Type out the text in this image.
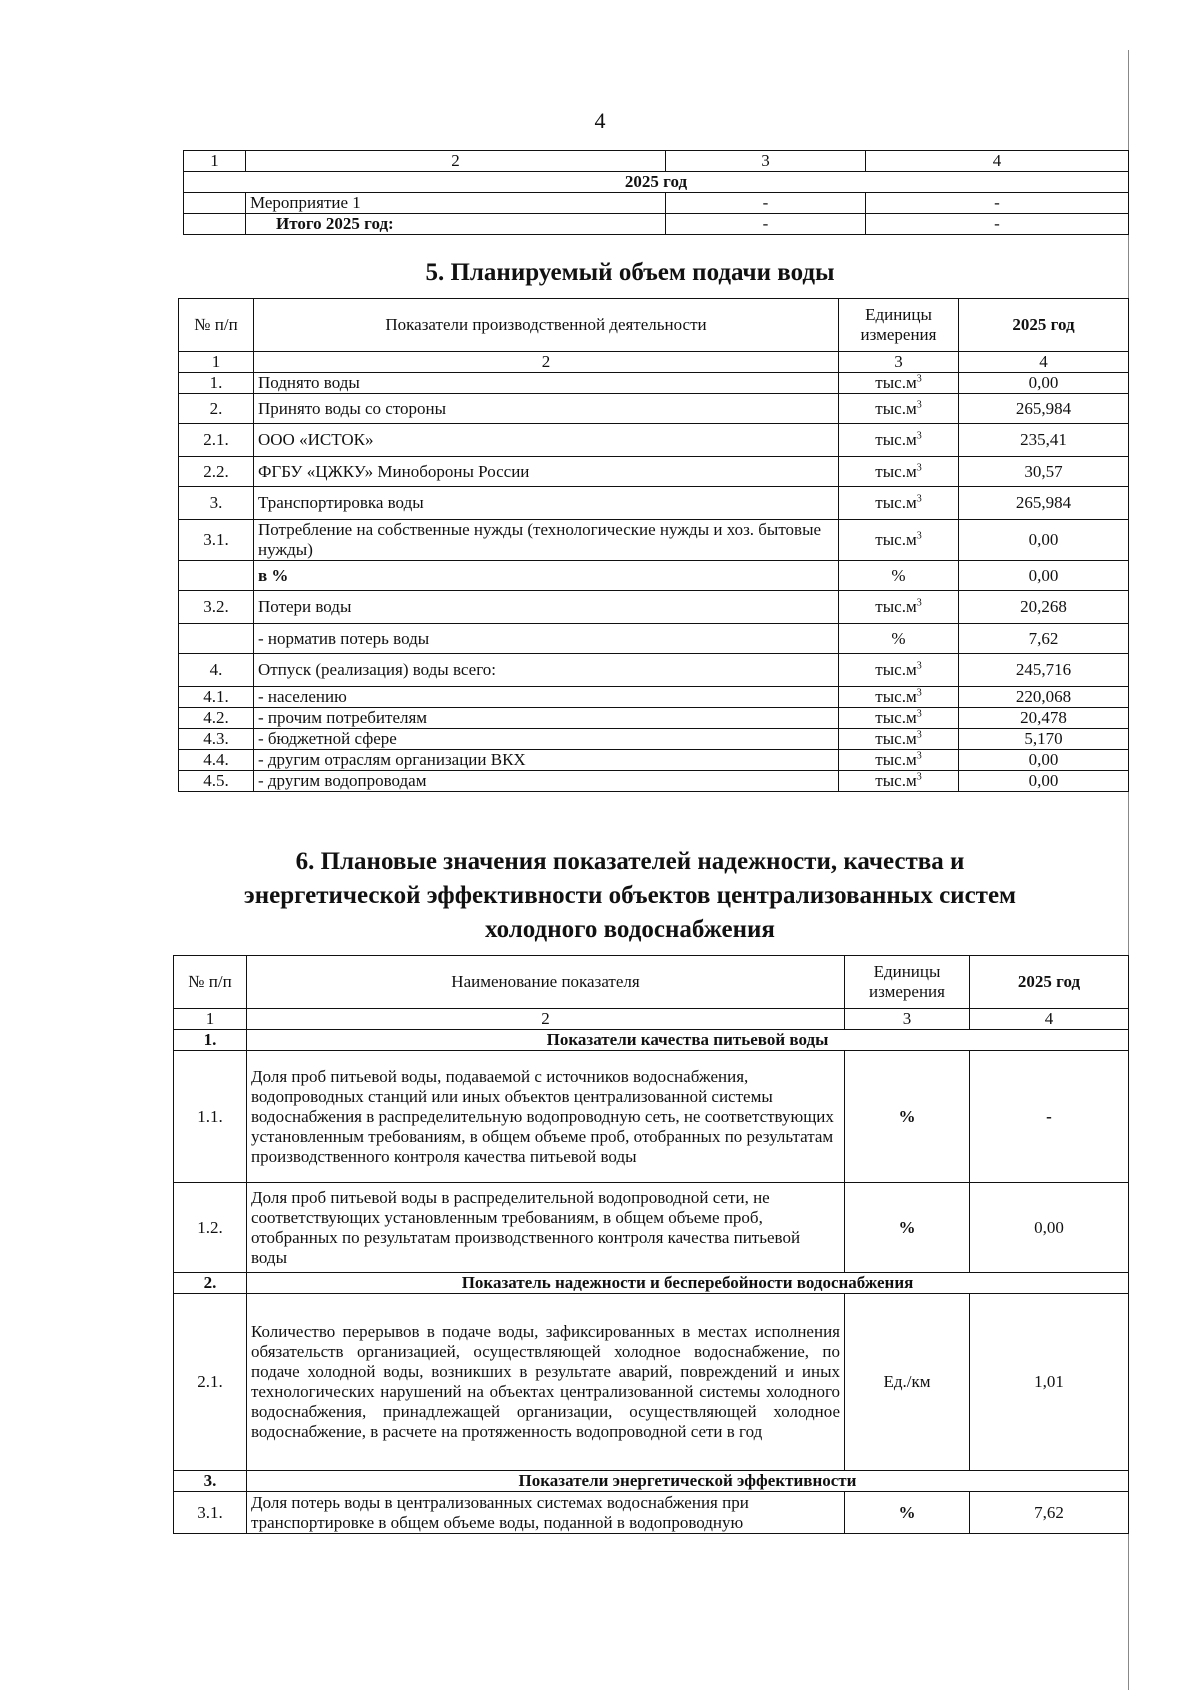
4
1	2	3	4
2025 год			
	Мероприятие 1	-	-
	Итого 2025 год:	-	-
5. Планируемый объем подачи воды
№ п/п	Показатели производственной деятельности	Единицы измерения	2025 год
1	2	3	4
1.	Поднято воды	$тыс.м^3$	0,00
2.	Принято воды со стороны	$тыс.м^3$	265,984
2.1.	ООО «ИСТОК»	$тыс.м^3$	235,41
2.2.	ФГБУ «ЦЖКУ» Минобороны России	$тыс.м^3$	30,57
3.	Транспортировка воды	$тыс.м^3$	265,984
3.1.	Потребление на собственные нужды (технологические нужды и хоз. бытовые нужды)	$тыс.м^3$	0,00
	в %	%	0,00
3.2.	Потери воды	$тыс.м^3$	20,268
	- норматив потерь воды	%	7,62
4.	Отпуск (реализация) воды всего:	$тыс.м^3$	245,716
4.1.	- населению	$тыс.м^3$	220,068
4.2.	- прочим потребителям	$тыс.м^3$	20,478
4.3.	- бюджетной сфере	$тыс.м^3$	5,170
4.4.	- другим отраслям организации ВКХ	$тыс.м^3$	0,00
4.5.	- другим водопроводам	$тыс.м^3$	0,00
6. Плановые значения показателей надежности, качества и
энергетической эффективности объектов централизованных систем
холодного водоснабжения
№ п/п	Наименование показателя	Единицы измерения	2025 год
1	2	3	4
1.	Показатели качества питьевой воды		
1.1.	Доля проб питьевой воды, подаваемой с источников водоснабжения, водопроводных станций или иных объектов централизованной системы водоснабжения в распределительную водопроводную сеть, не соответствующих установленным требованиям, в общем объеме проб, отобранных по результатам производственного контроля качества питьевой воды	%	-
1.2.	Доля проб питьевой воды в распределительной водопроводной сети, не соответствующих установленным требованиям, в общем объеме проб, отобранных по результатам производственного контроля качества питьевой воды	%	0,00
2.	Показатель надежности и бесперебойности водоснабжения		
2.1.	Количество перерывов в подаче воды, зафиксированных в местах исполнения обязательств организацией, осуществляющей холодное водоснабжение, по подаче холодной воды, возникших в результате аварий, повреждений и иных технологических нарушений на объектах централизованной системы холодного водоснабжения, принадлежащей организации, осуществляющей холодное водоснабжение, в расчете на протяженность водопроводной сети в год	Ед./км	1,01
3.	Показатели энергетической эффективности		
3.1.	Доля потерь воды в централизованных системах водоснабжения при транспортировке в общем объеме воды, поданной в водопроводную	%	7,62
